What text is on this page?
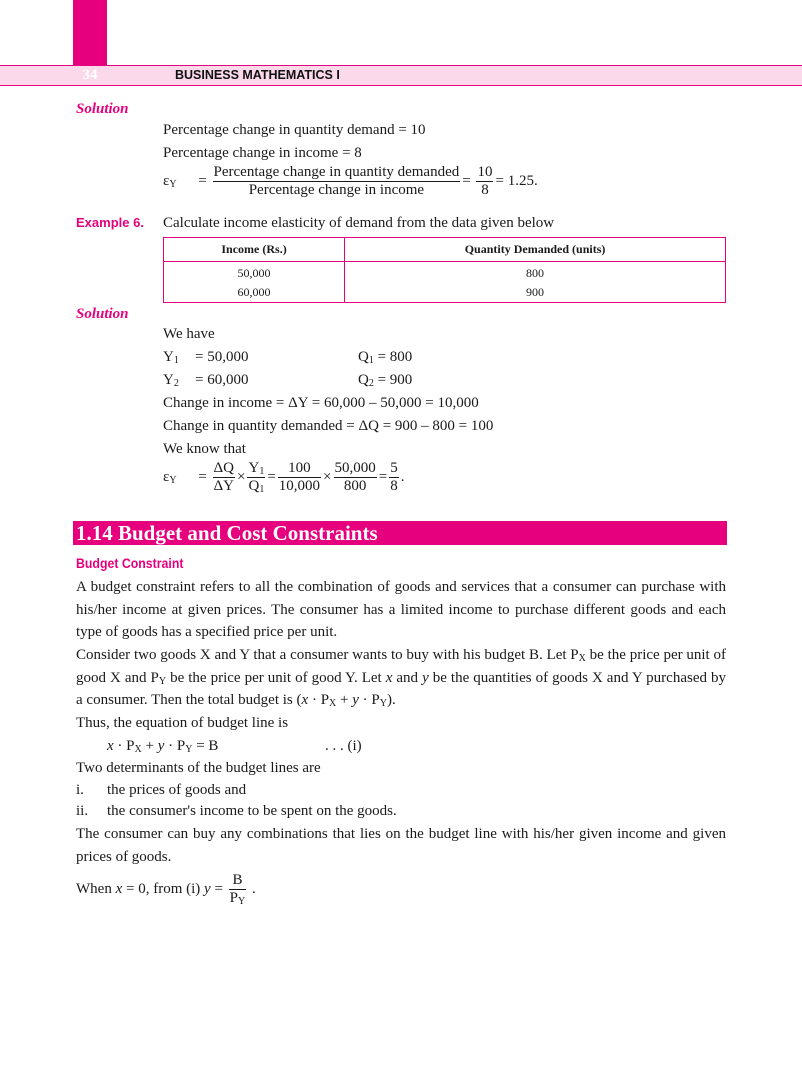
34	BUSINESS MATHEMATICS I
Solution
Percentage change in quantity demand = 10
Percentage change in income = 8
$\varepsilon_Y = \frac{\text{Percentage change in quantity demanded}}{\text{Percentage change in income}} = \frac{10}{8} = 1.25$.
Example 6. Calculate income elasticity of demand from the data given below
Income (Rs.)	Quantity Demanded (units)
50,000	800
60,000	900
Solution
We have
$Y_1 = 50,000$	$Q_1 = 800$
$Y_2 = 60,000$	$Q_2 = 900$
Change in income = ΔY = 60,000 – 50,000 = 10,000
Change in quantity demanded = ΔQ = 900 – 800 = 100
We know that
$\varepsilon_Y = \frac{\Delta Q}{\Delta Y} \times \frac{Y_1}{Q_1} = \frac{100}{10,000} \times \frac{50,000}{800} = \frac{5}{8}$ .
1.14 Budget and Cost Constraints
Budget Constraint
A budget constraint refers to all the combination of goods and services that a consumer can purchase with his/her income at given prices. The consumer has a limited income to purchase different goods and each type of goods has a specified price per unit.
Consider two goods X and Y that a consumer wants to buy with his budget B. Let $P_X$ be the price per unit of good X and $P_Y$ be the price per unit of good Y. Let x and y be the quantities of goods X and Y purchased by a consumer. Then the total budget is $(x \cdot P_X + y \cdot P_Y)$.
Thus, the equation of budget line is
$x \cdot P_X + y \cdot P_Y = B$	. . . (i)
Two determinants of the budget lines are
i. the prices of goods and
ii. the consumer's income to be spent on the goods.
The consumer can buy any combinations that lies on the budget line with his/her given income and given prices of goods.
When x = 0, from (i) $y = \frac{B}{P_Y}$ .
